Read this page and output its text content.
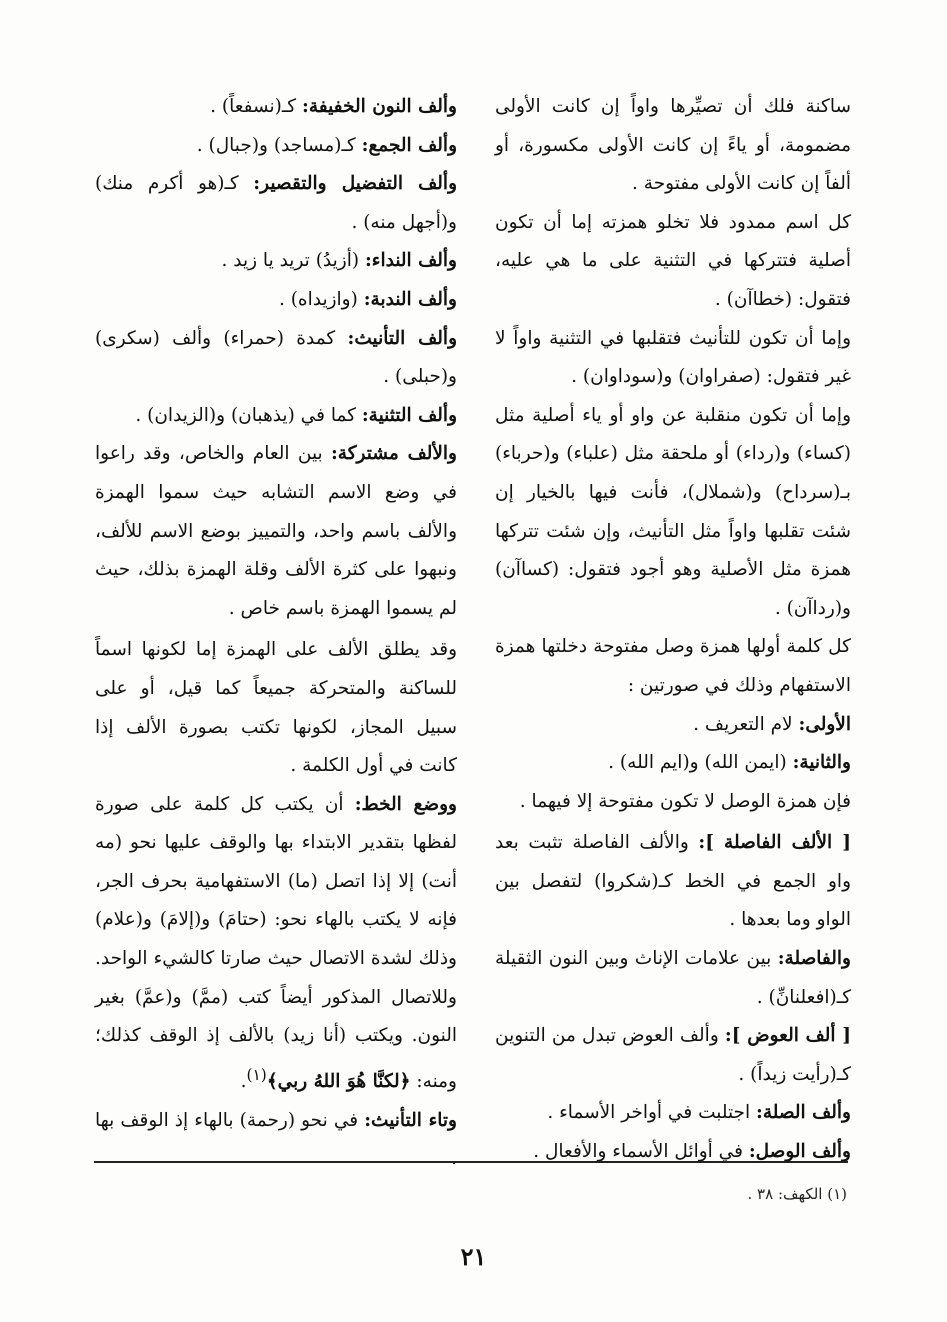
ساكنة فلك أن تصيِّرها واواً إن كانت الأولى مضمومة، أو ياءً إن كانت الأولى مكسورة، أو ألفاً إن كانت الأولى مفتوحة .

كل اسم ممدود فلا تخلو همزته إما أن تكون أصلية فتتركها في التثنية على ما هي عليه، فتقول: (خطاآن) .

وإما أن تكون للتأنيث فتقلبها في التثنية واواً لا غير فتقول: (صفراوان) و(سوداوان) .

وإما أن تكون منقلبة عن واو أو ياء أصلية مثل (كساء) و(رداء) أو ملحقة مثل (علباء) و(حرباء) بـ(سرداح) و(شملال)، فأنت فيها بالخيار إن شئت تقلبها واواً مثل التأنيث، وإن شئت تتركها همزة مثل الأصلية وهو أجود فتقول: (كساآن) و(رداآن) .

كل كلمة أولها همزة وصل مفتوحة دخلتها همزة الاستفهام وذلك في صورتين :

الأولى: لام التعريف .

والثانية: (ايمن الله) و(ايم الله) .

فإن همزة الوصل لا تكون مفتوحة إلا فيهما .

[ الألف الفاصلة ]: والألف الفاصلة تثبت بعد واو الجمع في الخط كـ(شكروا) لتفصل بين الواو وما بعدها .

والفاصلة: بين علامات الإناث وبين النون الثقيلة كـ(افعلنانِّ) .

[ ألف العوض ]: وألف العوض تبدل من التنوين كـ(رأيت زيداً) .

وألف الصلة: اجتلبت في أواخر الأسماء .

وألف الوصل: في أوائل الأسماء والأفعال .

وألف النون الخفيفة: كـ(نسفعاً) .

وألف الجمع: كـ(مساجد) و(جبال) .

وألف التفضيل والتقصير: كـ(هو أكرم منك) و(أجهل منه) .

وألف النداء: (أزيدُ) تريد يا زيد .

وألف الندبة: (وازيداه) .

وألف التأنيث: كمدة (حمراء) وألف (سكرى) و(حبلى) .

وألف التثنية: كما في (يذهبان) و(الزيدان) .

والألف مشتركة: بين العام والخاص، وقد راعوا في وضع الاسم التشابه حيث سموا الهمزة والألف باسم واحد، والتمييز بوضع الاسم للألف، ونبهوا على كثرة الألف وقلة الهمزة بذلك، حيث لم يسموا الهمزة باسم خاص .

وقد يطلق الألف على الهمزة إما لكونها اسماً للساكنة والمتحركة جميعاً كما قيل، أو على سبيل المجاز، لكونها تكتب بصورة الألف إذا كانت في أول الكلمة .

ووضع الخط: أن يكتب كل كلمة على صورة لفظها بتقدير الابتداء بها والوقف عليها نحو (مه أنت) إلا إذا اتصل (ما) الاستفهامية بحرف الجر، فإنه لا يكتب بالهاء نحو: (حتامَ) و(إلامَ) و(علام) وذلك لشدة الاتصال حيث صارتا كالشيء الواحد. وللاتصال المذكور أيضاً كتب (ممَّ) و(عمَّ) بغير النون. ويكتب (أنا زيد) بالألف إذ الوقف كذلك؛ ومنه: ﴿لكنَّا هُوَ اللهُ ربي﴾$^{(١)}$.

وتاء التأنيث: في نحو (رحمة) بالهاء إذ الوقف بها .

(١) الكهف: ٣٨ .
٢١
